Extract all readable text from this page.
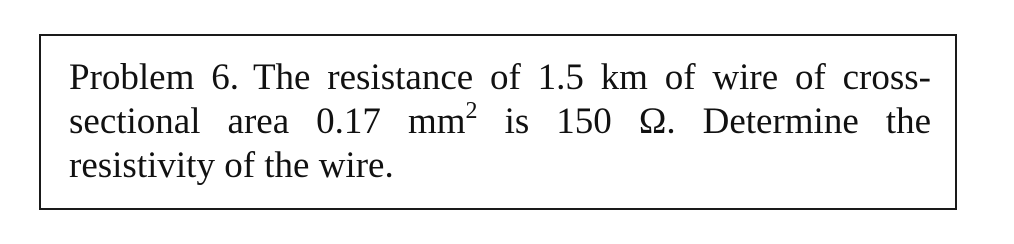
Problem 6. The resistance of 1.5 km of wire of cross-sectional area 0.17 $mm^2$ is 150 Ω. Determine the resistivity of the wire.
